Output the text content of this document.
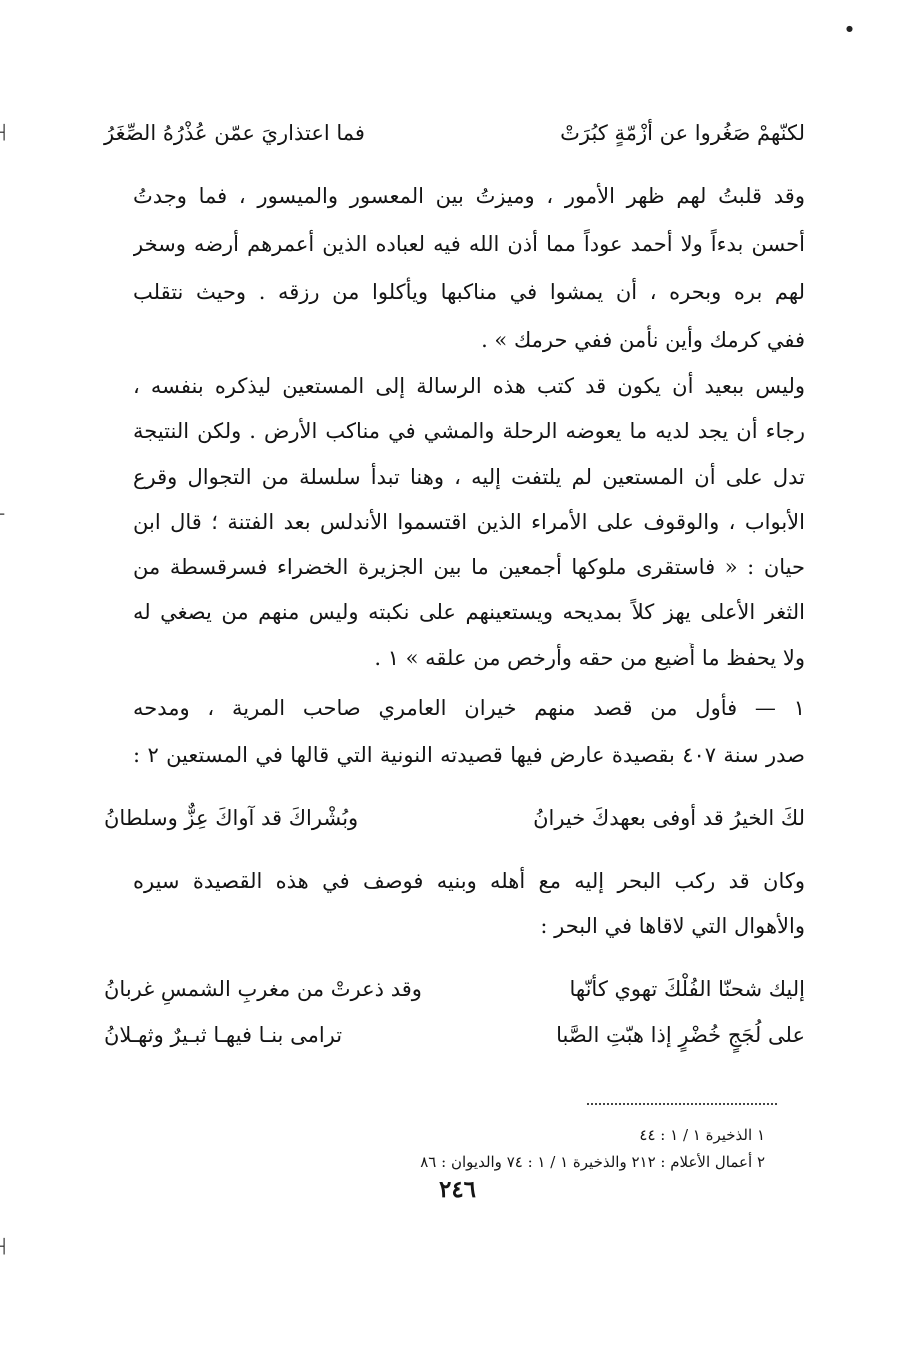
لكنّهمْ صَغُروا عن أزْمّةٍ كبُرَتْ
فما اعتذاريَ عمّن عُذْرُهُ الصِّغَرُ
وقد قلبتُ لهم ظهر الأمور ، وميزتُ بين المعسور والميسور ، فما وجدتُ
أحسن بدءاً ولا أحمد عوداً مما أذن الله فيه لعباده الذين أعمرهم أرضه وسخر
لهم بره وبحره ، أن يمشوا في مناكبها ويأكلوا من رزقه . وحيث نتقلب
ففي كرمك وأين نأمن ففي حرمك » .
وليس ببعيد أن يكون قد كتب هذه الرسالة إلى المستعين ليذكره بنفسه ،
رجاء أن يجد لديه ما يعوضه الرحلة والمشي في مناكب الأرض . ولكن النتيجة
تدل على أن المستعين لم يلتفت إليه ، وهنا تبدأ سلسلة من التجوال وقرع
الأبواب ، والوقوف على الأمراء الذين اقتسموا الأندلس بعد الفتنة ؛ قال ابن
حيان : « فاستقرى ملوكها أجمعين ما بين الجزيرة الخضراء فسرقسطة من
الثغر الأعلى يهز كلاً بمديحه ويستعينهم على نكبته وليس منهم من يصغي له
ولا يحفظ ما أُضيع من حقه وأرخص من علقه » ١ .
١ — فأول من قصد منهم خيران العامري صاحب المرية ، ومدحه
صدر سنة ٤٠٧ بقصيدة عارض فيها قصيدته النونية التي قالها في المستعين ٢ :
لكَ الخيرُ قد أوفى بعهدكَ خيرانُ
وبُشْراكَ قد آواكَ عِزٌّ وسلطانُ
وكان قد ركب البحر إليه مع أهله وبنيه فوصف في هذه القصيدة سيره
والأهوال التي لاقاها في البحر :
إليك شحنّا الفُلْكَ تهوي كأنّها
وقد ذعرتْ من مغربِ الشمسِ غربانُ
على لُجَجٍ خُضْرٍ إذا هبّتِ الصَّبا
ترامى بنـا فيهـا ثبـيرٌ وثهـلانُ
١ الذخيرة ١ / ١ : ٤٤
٢ أعمال الأعلام : ٢١٢ والذخيرة ١ / ١ : ٧٤ والديوان : ٨٦
٢٤٦
┤
╴
┤
●
